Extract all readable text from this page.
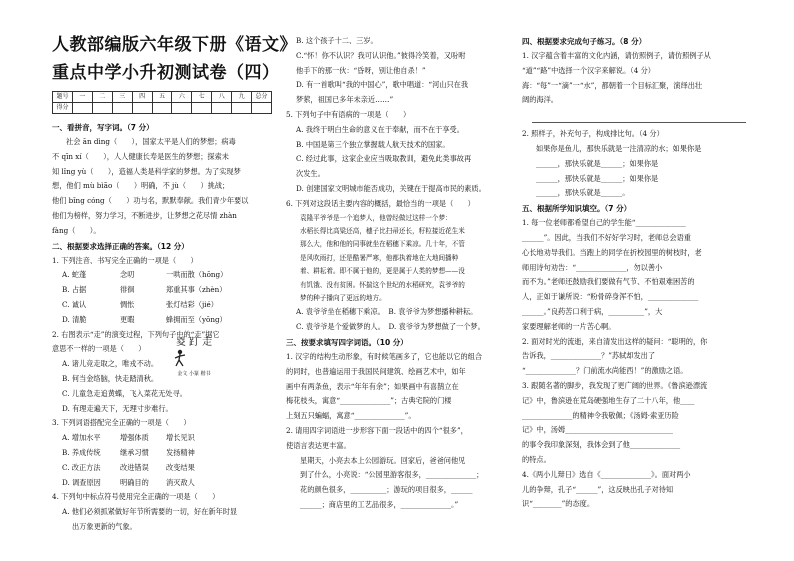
人教部编版六年级下册《语文》
重点中学小升初测试卷（四）
题号	一	二	三	四	五	六	七	八	九	总分
得分										

一、看拼音，写字词。（7 分）

社会 ān dìng（　　），国家太平是人们的梦想；病毒

不 qīn xí（　　），人人健康长寿是医生的梦想；探索未

知 lǐng yù（　　），造福人类是科学家的梦想。为了实现梦

想，他们 mù bìão（　　）明确，不 jù（　　）挑战；

他们 bǐng cóng（　　）功与名，默默奉献。我们青少年要以

他们为榜样，努力学习，不断进步，让梦想之花尽情 zhàn

fàng（　　）。

二、根据要求选择正确的答案。（12 分）

1. 下列注音、书写完全正确的一项是（　　）

A. 蛇蓬	念叨	一哄而散（hōng）
B. 占据	徘徊	郑重其事（zhèn）
C. 诚认	惆怅	张灯结彩（jié）
D. 清脆	更暇	蜂拥而至（yōng）

2. 右图表示“走”的演变过程，下列句子中的“走”据它

意思不一样的一项是（　　）

A. 诸儿竞走取之，唯戎不动。

B. 何当金络脑，快走踏清秋。

C. 儿童急走追黄蝶，飞入菜花无处寻。

D. 有理走遍天下，无理寸步难行。

3. 下列词语搭配完全正确的一项是（　　）

A. 增加水平	增强体质	增长见识
B. 养成传统	继承习惯	发扬精神
C. 改正方法	改进错误	改变结果
D. 调查原因	明确目的	消灭敌人

4. 下列句中标点符号使用完全正确的一项是（　　）

A. 他们必须抓紧做好年节所需要的一切，好在新年时显

出万象更新的气象。

㚇 䟓 走
金文 小篆 楷书

B. 这个孩子十二、三岁。

C.“怀！你不认识？我可认识他。”彼得冷笑着，又吩咐

他手下的那一伙：“昏呀，别让他自杀！”

D. 有一首歌叫“我的中国心”，歌中唱道：“河山只在我

梦萦，祖国已多年未亲近……”

5. 下列句子中有语病的一项是（　　）

A. 我终于明白生命的意义在于奉献，而不在于享受。

B. 中国是第三个独立掌握载人航天技术的国家。

C. 经过此事，这家企业应当吸取教训，避免此类事故再

次发生。

D. 创建国家文明城市能否成功，关键在于提高市民的素质。

6. 下列对这段话主要内容的概括，最恰当的一项是（　　）

袁隆平爷爷是一个追梦人，他曾经做过这样一个梦：

水稻长得比高粱还高，穗子比扫帚还长，籽粒接近花生米

那么大，他和他的同事就坐在稻穗下乘凉。几十年，不管

是风吹雨打，还是酷暑严寒，他都执着地在大地间播种

着、耕耘着。即不属于他的，更是属于人类的梦想——没

有饥饿、没有贫困。怀揣这个世纪的水稻研究，袁爷爷的

梦的种子播向了更远的地方。

A. 袁爷爷坐在稻穗下乘凉。　B. 袁爷爷为梦想播种耕耘。

C. 袁爷爷是个爱做梦的人。　D. 袁爷爷为梦想做了一个梦。

三、按要求填写四字词语。（10 分）

1. 汉字的结构生动形象，有时候笔画多了，它也能以它的组合

的同时，也普遍运用于我国民间建筑、绘画艺术中，如年

画中有两条鱼，表示“年年有余”；如果画中有喜鹊立在

梅花枝头，寓意“______________”；古典宅院的门楼

上刻五只蝙蝠，寓意“______________”。

2. 请用四字词语进一步形容下面一段话中的四个“很多”，

使语言表达更丰富。

星期天，小亮去本上公园游玩。回家后，爸爸问他见

到了什么，小亮说：“公园里游客很多，______________；

花的颜色很多，__________；游玩的项目很多，______

______；商店里的工艺品很多，______________。”

四、根据要求完成句子练习。（8 分）

1. 汉字蕴含着丰富的文化内涵，请仿照例子，请仿照例子从

“道”“路”中选择一个汉字来解说。（4 分）

海：“每”一“滴”一“水”，都朝着一个目标汇聚，演绎出壮

阔的海洋。

2. 照样子，补充句子，构成排比句。（4 分）

如果你是鱼儿，那快乐就是一注清凉的水；如果你是

______，那快乐就是______；如果你是

______，那快乐就是______；如果你是

______，那快乐就是______。

五、根据所学知识填空。（7 分）

1. 每一位老师都希望自己的学生能“______________

______”。因此，当我们不好好学习时，老师总会语重

心长地劝导我们。当跑上的同学在折校园里的树枝时，老

师用诗句劝告：“______________，勿以善小

而不为。”老师还鼓励我们要做有气节、不怕艰难困苦的

人，正如于谦所说：“粉骨碎身浑不怕，______________

______。”良药苦口利于病，__________”，大

家要理解老师的一片苦心啊。

2. 面对时光的流逝，来自清发出这样的疑问：“聪明的，你

告诉我，______________？”苏轼却发出了

“______________？门前流水尚能西！”的激励之语。

3. 跟随名著的脚步，我发现了更广阔的世界。《鲁滨逊漂流

记》中，鲁滨逊在荒岛硬强地生存了二十八年，他____

______________的精神令我敬佩；《汤姆·索亚历险

记》中，汤姆______________________________

的事令我印象深刻，我体会到了他______________

的特点。

4.《两小儿辩日》选自《______________》。面对两小

儿的争辩，孔子“______”，这反映出孔子对待知

识“________”的态度。
